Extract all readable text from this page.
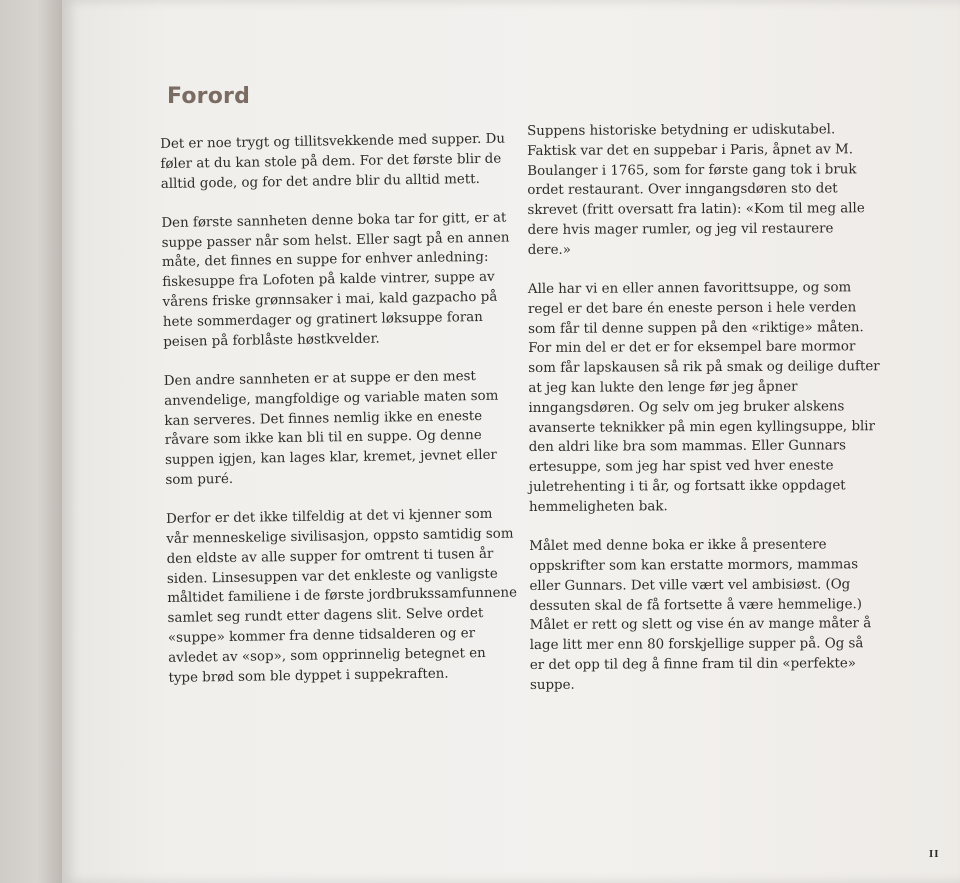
Forord

Det er noe trygt og tillitsvekkende med supper. Du
føler at du kan stole på dem. For det første blir de
alltid gode, og for det andre blir du alltid mett.

Den første sannheten denne boka tar for gitt, er at
suppe passer når som helst. Eller sagt på en annen
måte, det finnes en suppe for enhver anledning:
fiskesuppe fra Lofoten på kalde vintrer, suppe av
vårens friske grønnsaker i mai, kald gazpacho på
hete sommerdager og gratinert løksuppe foran
peisen på forblåste høstkvelder.

Den andre sannheten er at suppe er den mest
anvendelige, mangfoldige og variable maten som
kan serveres. Det finnes nemlig ikke en eneste
råvare som ikke kan bli til en suppe. Og denne
suppen igjen, kan lages klar, kremet, jevnet eller
som puré.

Derfor er det ikke tilfeldig at det vi kjenner som
vår menneskelige sivilisasjon, oppsto samtidig som
den eldste av alle supper for omtrent ti tusen år
siden. Linsesuppen var det enkleste og vanligste
måltidet familiene i de første jordbrukssamfunnene
samlet seg rundt etter dagens slit. Selve ordet
«suppe» kommer fra denne tidsalderen og er
avledet av «sop», som opprinnelig betegnet en
type brød som ble dyppet i suppekraften.

Suppens historiske betydning er udiskutabel.
Faktisk var det en suppebar i Paris, åpnet av M.
Boulanger i 1765, som for første gang tok i bruk
ordet restaurant. Over inngangsdøren sto det
skrevet (fritt oversatt fra latin): «Kom til meg alle
dere hvis mager rumler, og jeg vil restaurere
dere.»

Alle har vi en eller annen favorittsuppe, og som
regel er det bare én eneste person i hele verden
som får til denne suppen på den «riktige» måten.
For min del er det er for eksempel bare mormor
som får lapskausen så rik på smak og deilige dufter
at jeg kan lukte den lenge før jeg åpner
inngangsdøren. Og selv om jeg bruker alskens
avanserte teknikker på min egen kyllingsuppe, blir
den aldri like bra som mammas. Eller Gunnars
ertesuppe, som jeg har spist ved hver eneste
juletrehenting i ti år, og fortsatt ikke oppdaget
hemmeligheten bak.

Målet med denne boka er ikke å presentere
oppskrifter som kan erstatte mormors, mammas
eller Gunnars. Det ville vært vel ambisiøst. (Og
dessuten skal de få fortsette å være hemmelige.)
Målet er rett og slett og vise én av mange måter å
lage litt mer enn 80 forskjellige supper på. Og så
er det opp til deg å finne fram til din «perfekte»
suppe.

II
